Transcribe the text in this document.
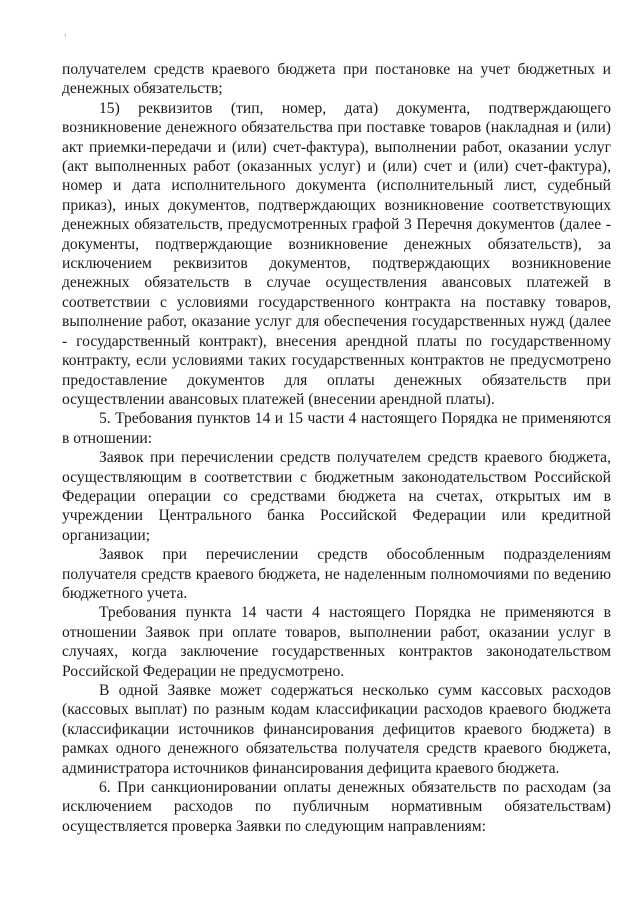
'

получателем средств краевого бюджета при постановке на учет бюджетных и денежных обязательств;

15) реквизитов (тип, номер, дата) документа, подтверждающего возникновение денежного обязательства при поставке товаров (накладная и (или) акт приемки-передачи и (или) счет-фактура), выполнении работ, оказании услуг (акт выполненных работ (оказанных услуг) и (или) счет и (или) счет-фактура), номер и дата исполнительного документа (исполнительный лист, судебный приказ), иных документов, подтверждающих возникновение соответствующих денежных обязательств, предусмотренных графой 3 Перечня документов (далее - документы, подтверждающие возникновение денежных обязательств), за исключением реквизитов документов, подтверждающих возникновение денежных обязательств в случае осуществления авансовых платежей в соответствии с условиями государственного контракта на поставку товаров, выполнение работ, оказание услуг для обеспечения государственных нужд (далее - государственный контракт), внесения арендной платы по государственному контракту, если условиями таких государственных контрактов не предусмотрено предоставление документов для оплаты денежных обязательств при осуществлении авансовых платежей (внесении арендной платы).

5. Требования пунктов 14 и 15 части 4 настоящего Порядка не применяются в отношении:

Заявок при перечислении средств получателем средств краевого бюджета, осуществляющим в соответствии с бюджетным законодательством Российской Федерации операции со средствами бюджета на счетах, открытых им в учреждении Центрального банка Российской Федерации или кредитной организации;

Заявок при перечислении средств обособленным подразделениям получателя средств краевого бюджета, не наделенным полномочиями по ведению бюджетного учета.

Требования пункта 14 части 4 настоящего Порядка не применяются в отношении Заявок при оплате товаров, выполнении работ, оказании услуг в случаях, когда заключение государственных контрактов законодательством Российской Федерации не предусмотрено.

В одной Заявке может содержаться несколько сумм кассовых расходов (кассовых выплат) по разным кодам классификации расходов краевого бюджета (классификации источников финансирования дефицитов краевого бюджета) в рамках одного денежного обязательства получателя средств краевого бюджета, администратора источников финансирования дефицита краевого бюджета.

6. При санкционировании оплаты денежных обязательств по расходам (за исключением расходов по публичным нормативным обязательствам) осуществляется проверка Заявки по следующим направлениям:
